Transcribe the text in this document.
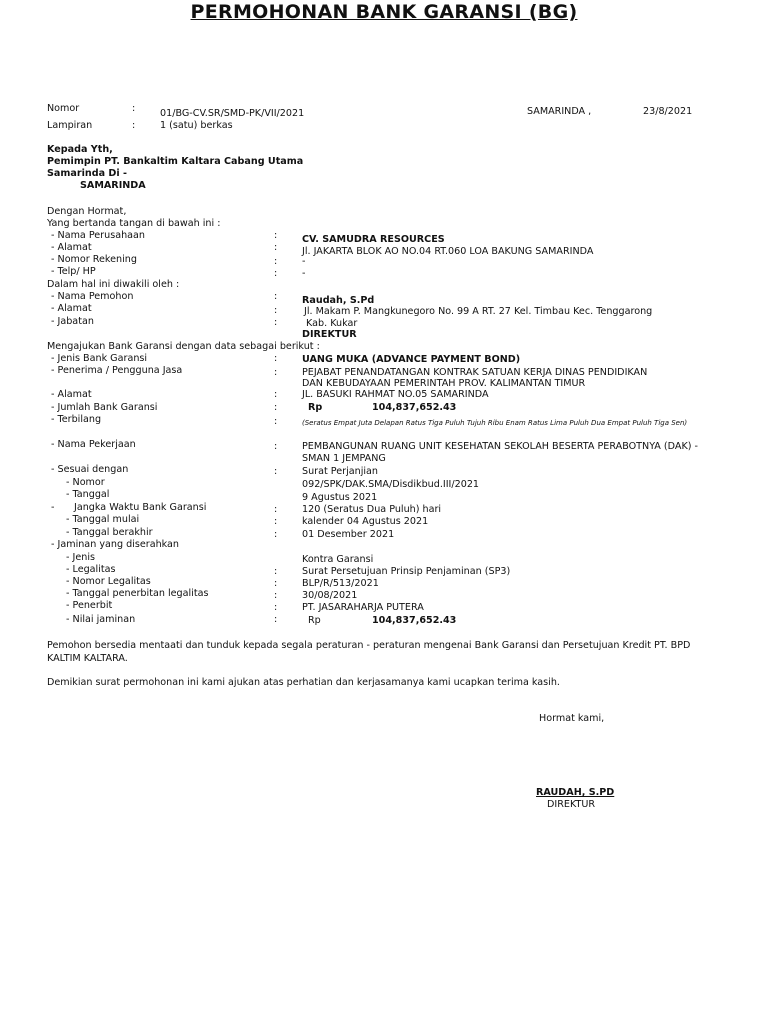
PERMOHONAN BANK GARANSI (BG)
Nomor	:	01/BG-CV.SR/SMD-PK/VII/2021
Lampiran	:	1 (satu) berkas
SAMARINDA ,	23/8/2021
Kepada Yth,
Pemimpin PT. Bankaltim Kaltara Cabang Utama
Samarinda Di -
SAMARINDA
Dengan Hormat,
Yang bertanda tangan di bawah ini :
- Nama Perusahaan	:	CV. SAMUDRA RESOURCES
- Alamat	:	Jl. JAKARTA BLOK AO NO.04 RT.060 LOA BAKUNG SAMARINDA
- Nomor Rekening	:	-
- Telp/ HP	:	-
Dalam hal ini diwakili oleh :
- Nama Pemohon	:	Raudah, S.Pd
- Alamat	:	Jl. Makam P. Mangkunegoro No. 99 A RT. 27 Kel. Timbau Kec. Tenggarong
- Jabatan	:	Kab. Kukar
DIREKTUR
Mengajukan Bank Garansi dengan data sebagai berikut :
- Jenis Bank Garansi	:	UANG MUKA (ADVANCE PAYMENT BOND)
- Penerima / Pengguna Jasa	:	PEJABAT PENANDATANGAN KONTRAK SATUAN KERJA DINAS PENDIDIKAN
DAN KEBUDAYAAN PEMERINTAH PROV. KALIMANTAN TIMUR
- Alamat	:	JL. BASUKI RAHMAT NO.05 SAMARINDA
- Jumlah Bank Garansi	:	Rp	104,837,652.43
- Terbilang	:	(Seratus Empat Juta Delapan Ratus Tiga Puluh Tujuh Ribu Enam Ratus Lima Puluh Dua Empat Puluh Tiga Sen)
- Nama Pekerjaan	:	PEMBANGUNAN RUANG UNIT KESEHATAN SEKOLAH BESERTA PERABOTNYA (DAK) -
SMAN 1 JEMPANG
- Sesuai dengan	:	Surat Perjanjian
- Nomor	092/SPK/DAK.SMA/Disdikbud.III/2021
- Tanggal	9 Agustus 2021
- Jangka Waktu Bank Garansi	:	120 (Seratus Dua Puluh) hari
- Tanggal mulai	:	kalender 04 Agustus 2021
- Tanggal berakhir	:	01 Desember 2021
- Jaminan yang diserahkan
- Jenis	Kontra Garansi
- Legalitas	:	Surat Persetujuan Prinsip Penjaminan (SP3)
- Nomor Legalitas	:	BLP/R/513/2021
- Tanggal penerbitan legalitas	:	30/08/2021
- Penerbit	:	PT. JASARAHARJA PUTERA
- Nilai jaminan	:	Rp	104,837,652.43
Pemohon bersedia mentaati dan tunduk kepada segala peraturan - peraturan mengenai Bank Garansi dan Persetujuan Kredit PT. BPD
KALTIM KALTARA.
Demikian surat permohonan ini kami ajukan atas perhatian dan kerjasamanya kami ucapkan terima kasih.
Hormat kami,
RAUDAH, S.PD
DIREKTUR
